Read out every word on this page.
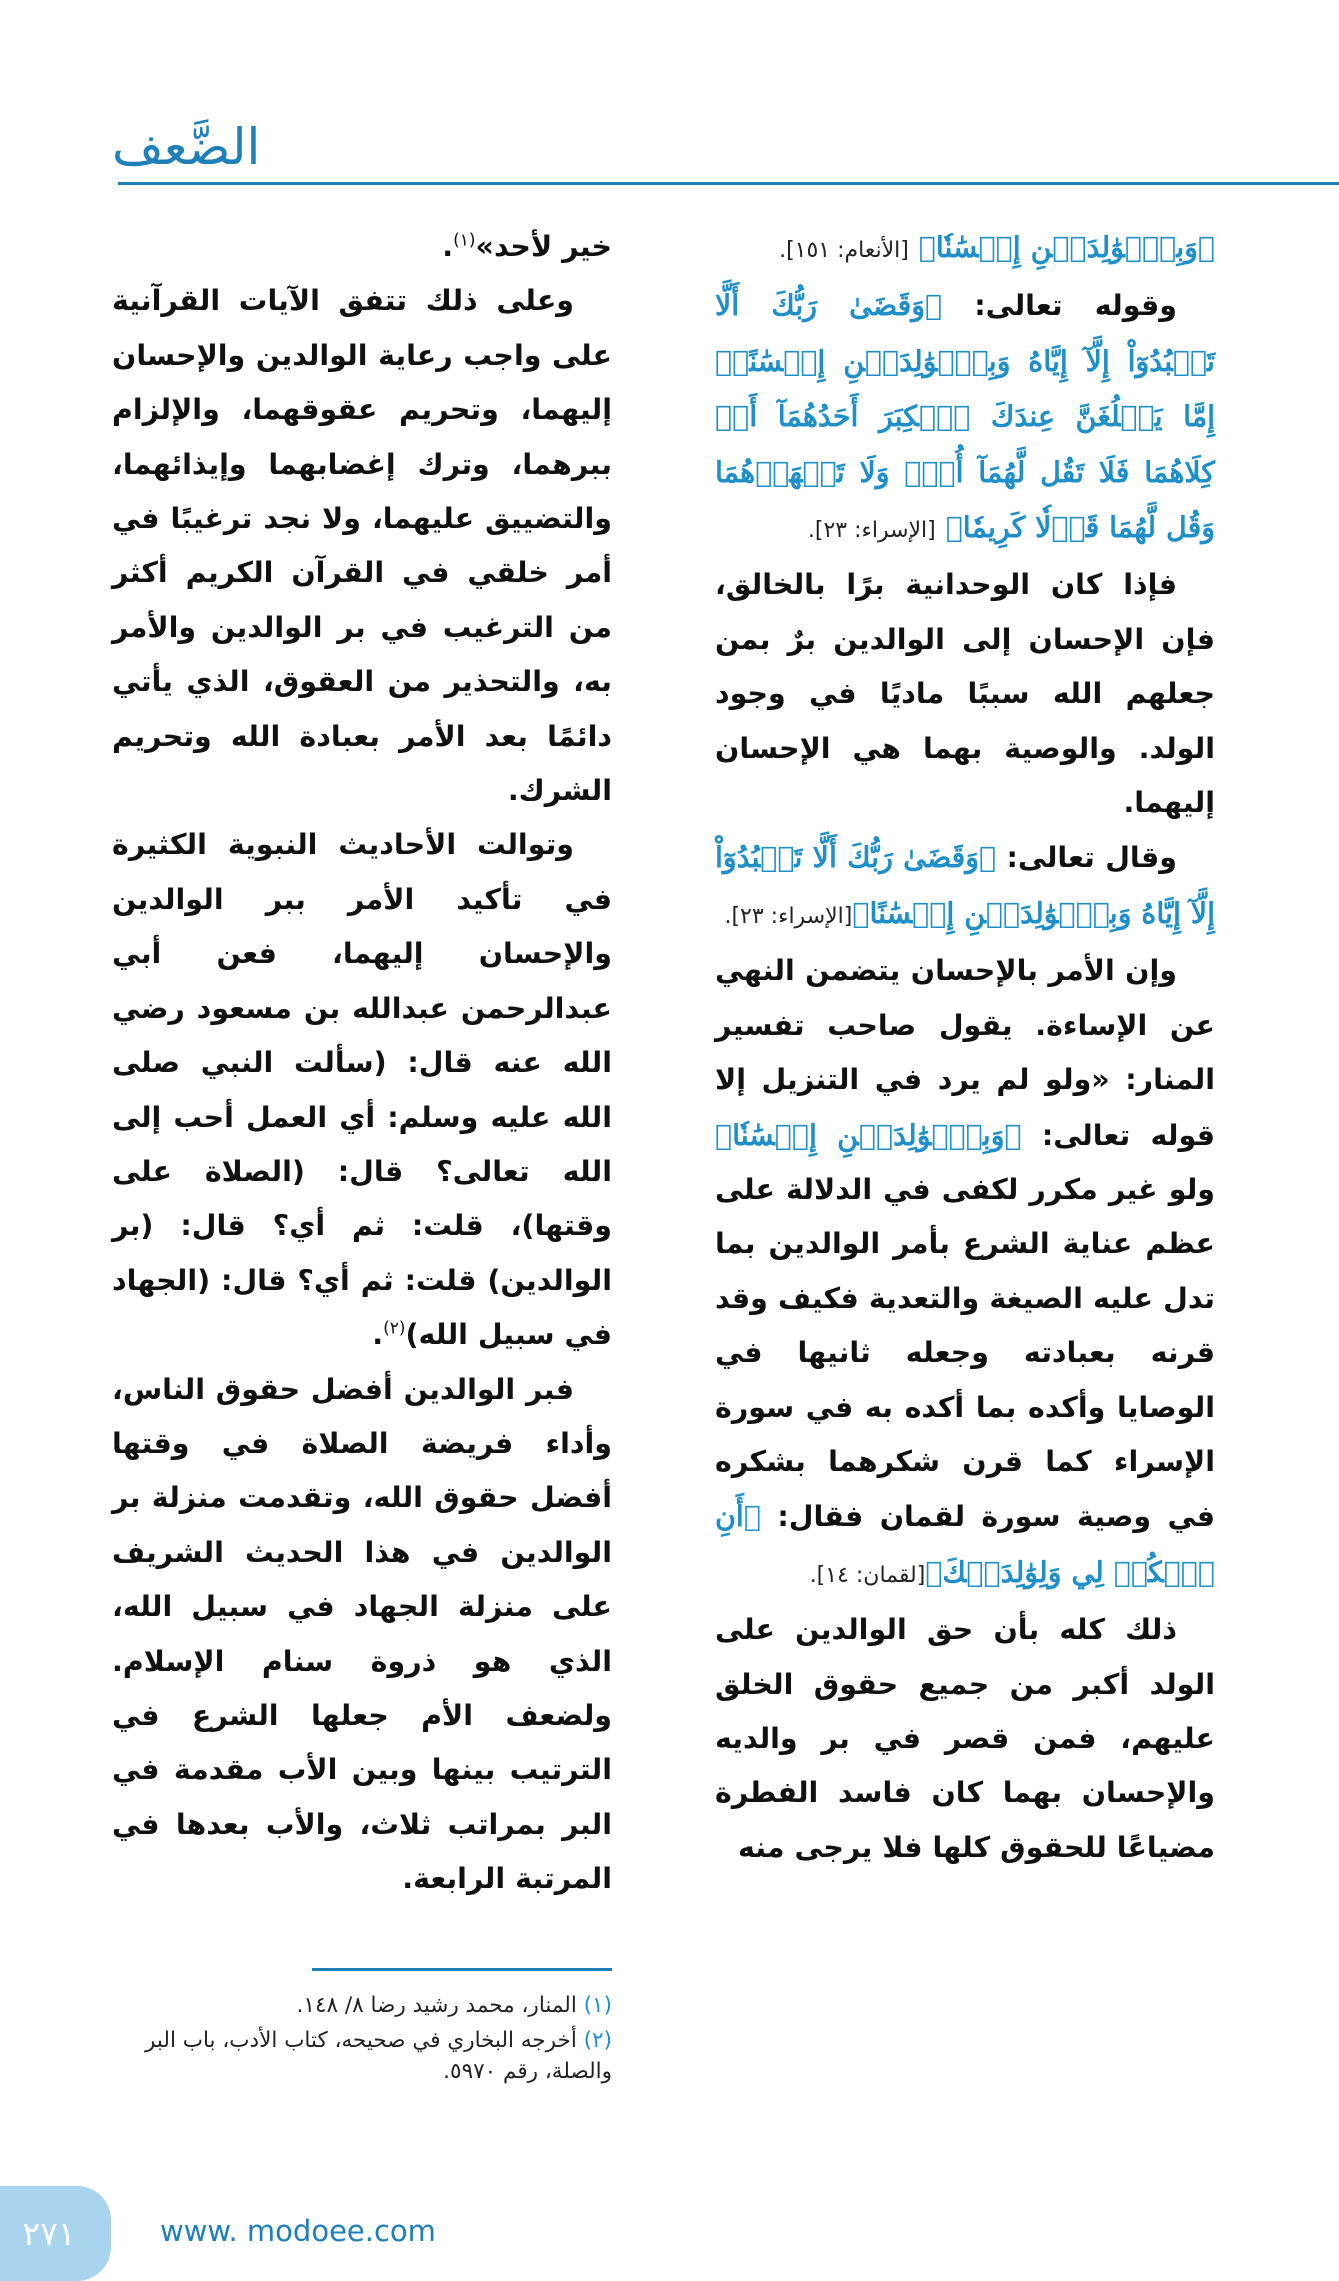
الضَّعف

﴿وَبِٱلۡوَٰلِدَيۡنِ إِحۡسَٰنٗا﴾ [الأنعام: ١٥١].

وقوله تعالى: ﴿وَقَضَىٰ رَبُّكَ أَلَّا تَعۡبُدُوٓاْ إِلَّآ إِيَّاهُ وَبِٱلۡوَٰلِدَيۡنِ إِحۡسَٰنًاۚ إِمَّا يَبۡلُغَنَّ عِندَكَ ٱلۡكِبَرَ أَحَدُهُمَآ أَوۡ كِلَاهُمَا فَلَا تَقُل لَّهُمَآ أُفّٖ وَلَا تَنۡهَرۡهُمَا وَقُل لَّهُمَا قَوۡلٗا كَرِيمٗا﴾ [الإسراء: ٢٣].

فإذا كان الوحدانية برًا بالخالق، فإن الإحسان إلى الوالدين برٌ بمن جعلهم الله سببًا ماديًا في وجود الولد. والوصية بهما هي الإحسان إليهما.

وقال تعالى: ﴿وَقَضَىٰ رَبُّكَ أَلَّا تَعۡبُدُوٓاْ إِلَّآ إِيَّاهُ وَبِٱلۡوَٰلِدَيۡنِ إِحۡسَٰنًا﴾[الإسراء: ٢٣].

وإن الأمر بالإحسان يتضمن النهي عن الإساءة. يقول صاحب تفسير المنار: «ولو لم يرد في التنزيل إلا قوله تعالى: ﴿وَبِٱلۡوَٰلِدَيۡنِ إِحۡسَٰنٗا﴾ ولو غير مكرر لكفى في الدلالة على عظم عناية الشرع بأمر الوالدين بما تدل عليه الصيغة والتعدية فكيف وقد قرنه بعبادته وجعله ثانيها في الوصايا وأكده بما أكده به في سورة الإسراء كما قرن شكرهما بشكره في وصية سورة لقمان فقال: ﴿أَنِ ٱشۡكُرۡ لِي وَلِوَٰلِدَيۡكَ﴾[لقمان: ١٤].

ذلك كله بأن حق الوالدين على الولد أكبر من جميع حقوق الخلق عليهم، فمن قصر في بر والديه والإحسان بهما كان فاسد الفطرة مضياعًا للحقوق كلها فلا يرجى منه

خير لأحد»$^{(١)}$.

وعلى ذلك تتفق الآيات القرآنية على واجب رعاية الوالدين والإحسان إليهما، وتحريم عقوقهما، والإلزام ببرهما، وترك إغضابهما وإيذائهما، والتضييق عليهما، ولا نجد ترغيبًا في أمر خلقي في القرآن الكريم أكثر من الترغيب في بر الوالدين والأمر به، والتحذير من العقوق، الذي يأتي دائمًا بعد الأمر بعبادة الله وتحريم الشرك.

وتوالت الأحاديث النبوية الكثيرة في تأكيد الأمر ببر الوالدين والإحسان إليهما، فعن أبي عبدالرحمن عبدالله بن مسعود رضي الله عنه قال: (سألت النبي صلى الله عليه وسلم: أي العمل أحب إلى الله تعالى؟ قال: (الصلاة على وقتها)، قلت: ثم أي؟ قال: (بر الوالدين) قلت: ثم أي؟ قال: (الجهاد في سبيل الله)$^{(٢)}$.

فبر الوالدين أفضل حقوق الناس، وأداء فريضة الصلاة في وقتها أفضل حقوق الله، وتقدمت منزلة بر الوالدين في هذا الحديث الشريف على منزلة الجهاد في سبيل الله، الذي هو ذروة سنام الإسلام. ولضعف الأم جعلها الشرع في الترتيب بينها وبين الأب مقدمة في البر بمراتب ثلاث، والأب بعدها في المرتبة الرابعة.

(١) المنار، محمد رشيد رضا ٨/ ١٤٨.

(٢) أخرجه البخاري في صحيحه، كتاب الأدب، باب البر والصلة، رقم ٥٩٧٠.

٢٧١	www. modoee.com
